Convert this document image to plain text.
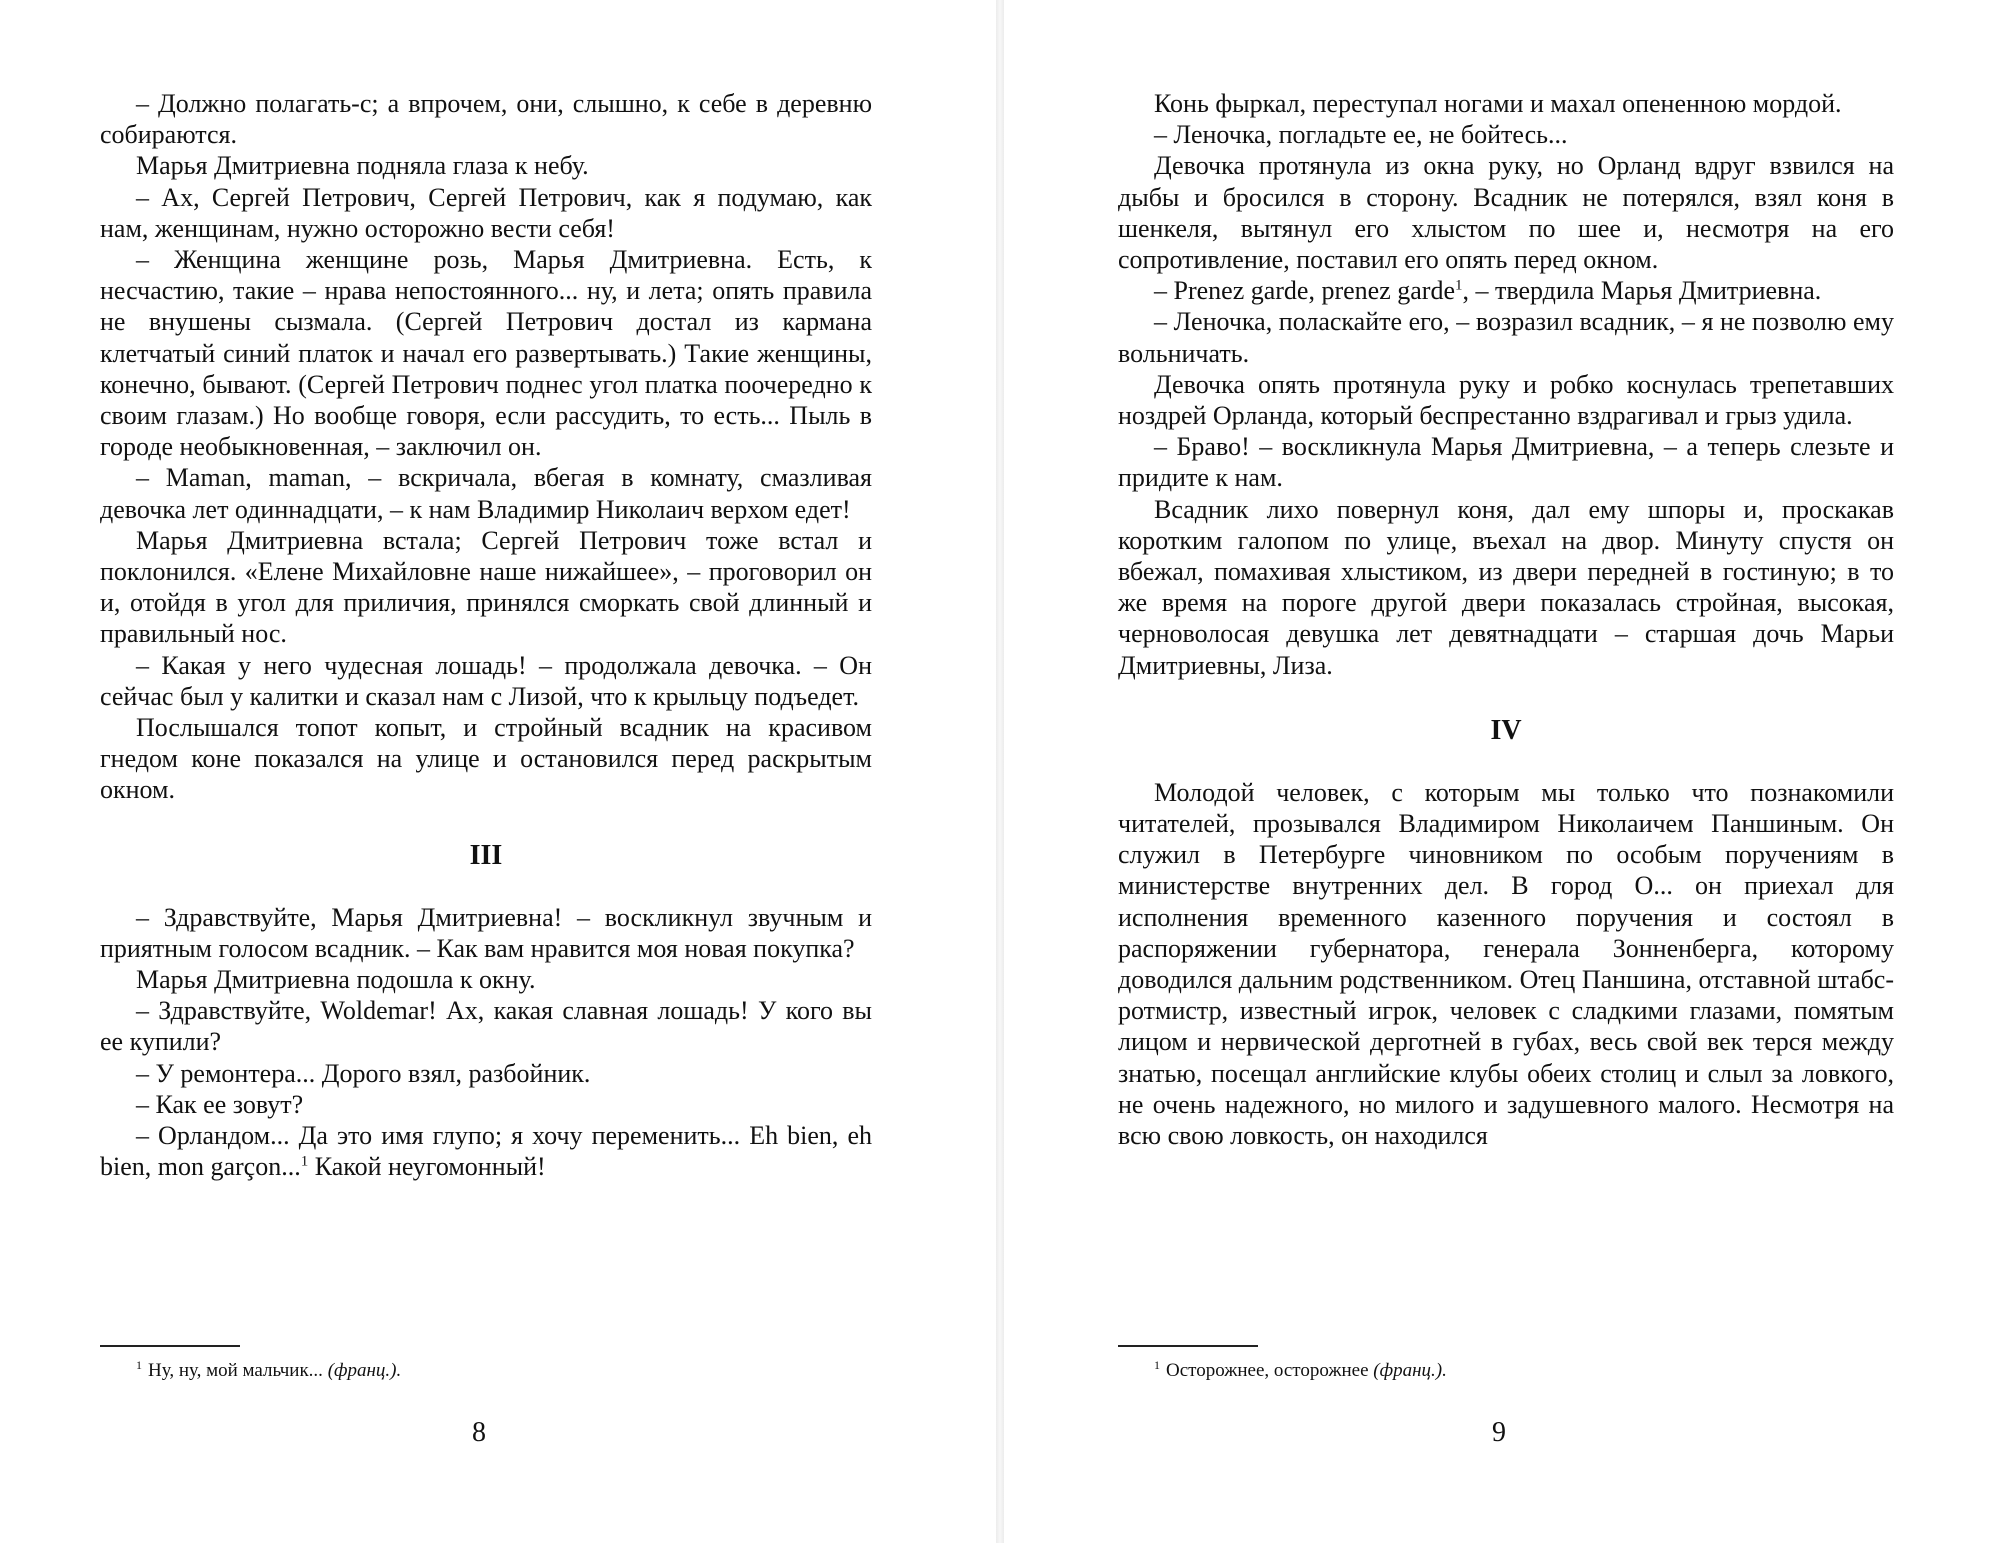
– Должно полагать-с; а впрочем, они, слышно, к себе в деревню собираются.

Марья Дмитриевна подняла глаза к небу.

– Ах, Сергей Петрович, Сергей Петрович, как я подумаю, как нам, женщинам, нужно осторожно вести себя!

– Женщина женщине розь, Марья Дмитриевна. Есть, к несчастию, такие – нрава непостоянного... ну, и лета; опять правила не внушены сызмала. (Сергей Петрович достал из кармана клетчатый синий платок и начал его развертывать.) Такие женщины, конечно, бывают. (Сергей Петрович поднес угол платка поочередно к своим глазам.) Но вообще говоря, если рассудить, то есть... Пыль в городе необыкновенная, – заключил он.

– Maman, maman, – вскричала, вбегая в комнату, смазливая девочка лет одиннадцати, – к нам Владимир Николаич верхом едет!

Марья Дмитриевна встала; Сергей Петрович тоже встал и поклонился. «Елене Михайловне наше нижайшее», – проговорил он и, отойдя в угол для приличия, принялся сморкать свой длинный и правильный нос.

– Какая у него чудесная лошадь! – продолжала девочка. – Он сейчас был у калитки и сказал нам с Лизой, что к крыльцу подъедет.

Послышался топот копыт, и стройный всадник на красивом гнедом коне показался на улице и остановился перед раскрытым окном.

III

– Здравствуйте, Марья Дмитриевна! – воскликнул звучным и приятным голосом всадник. – Как вам нравится моя новая покупка?

Марья Дмитриевна подошла к окну.

– Здравствуйте, Woldemar! Ах, какая славная лошадь! У кого вы ее купили?

– У ремонтера... Дорого взял, разбойник.

– Как ее зовут?

– Орландом... Да это имя глупо; я хочу переменить... Eh bien, eh bien, mon garçon...$^1$ Какой неугомонный!

$^1$ Ну, ну, мой мальчик... (франц.).
8

Конь фыркал, переступал ногами и махал опененною мордой.

– Леночка, погладьте ее, не бойтесь...

Девочка протянула из окна руку, но Орланд вдруг взвился на дыбы и бросился в сторону. Всадник не потерялся, взял коня в шенкеля, вытянул его хлыстом по шее и, несмотря на его сопротивление, поставил его опять перед окном.

– Prenez garde, prenez garde$^1$, – твердила Марья Дмитриевна.

– Леночка, поласкайте его, – возразил всадник, – я не позволю ему вольничать.

Девочка опять протянула руку и робко коснулась трепетавших ноздрей Орланда, который беспрестанно вздрагивал и грыз удила.

– Браво! – воскликнула Марья Дмитриевна, – а теперь слезьте и придите к нам.

Всадник лихо повернул коня, дал ему шпоры и, проскакав коротким галопом по улице, въехал на двор. Минуту спустя он вбежал, помахивая хлыстиком, из двери передней в гостиную; в то же время на пороге другой двери показалась стройная, высокая, черноволосая девушка лет девятнадцати – старшая дочь Марьи Дмитриевны, Лиза.

IV

Молодой человек, с которым мы только что познакомили читателей, прозывался Владимиром Николаичем Паншиным. Он служил в Петербурге чиновником по особым поручениям в министерстве внутренних дел. В город О... он приехал для исполнения временного казенного поручения и состоял в распоряжении губернатора, генерала Зонненберга, которому доводился дальним родственником. Отец Паншина, отставной штабс-ротмистр, известный игрок, человек с сладкими глазами, помятым лицом и нервической дерготней в губах, весь свой век терся между знатью, посещал английские клубы обеих столиц и слыл за ловкого, не очень надежного, но милого и задушевного малого. Несмотря на всю свою ловкость, он находился

$^1$ Осторожнее, осторожнее (франц.).
9
